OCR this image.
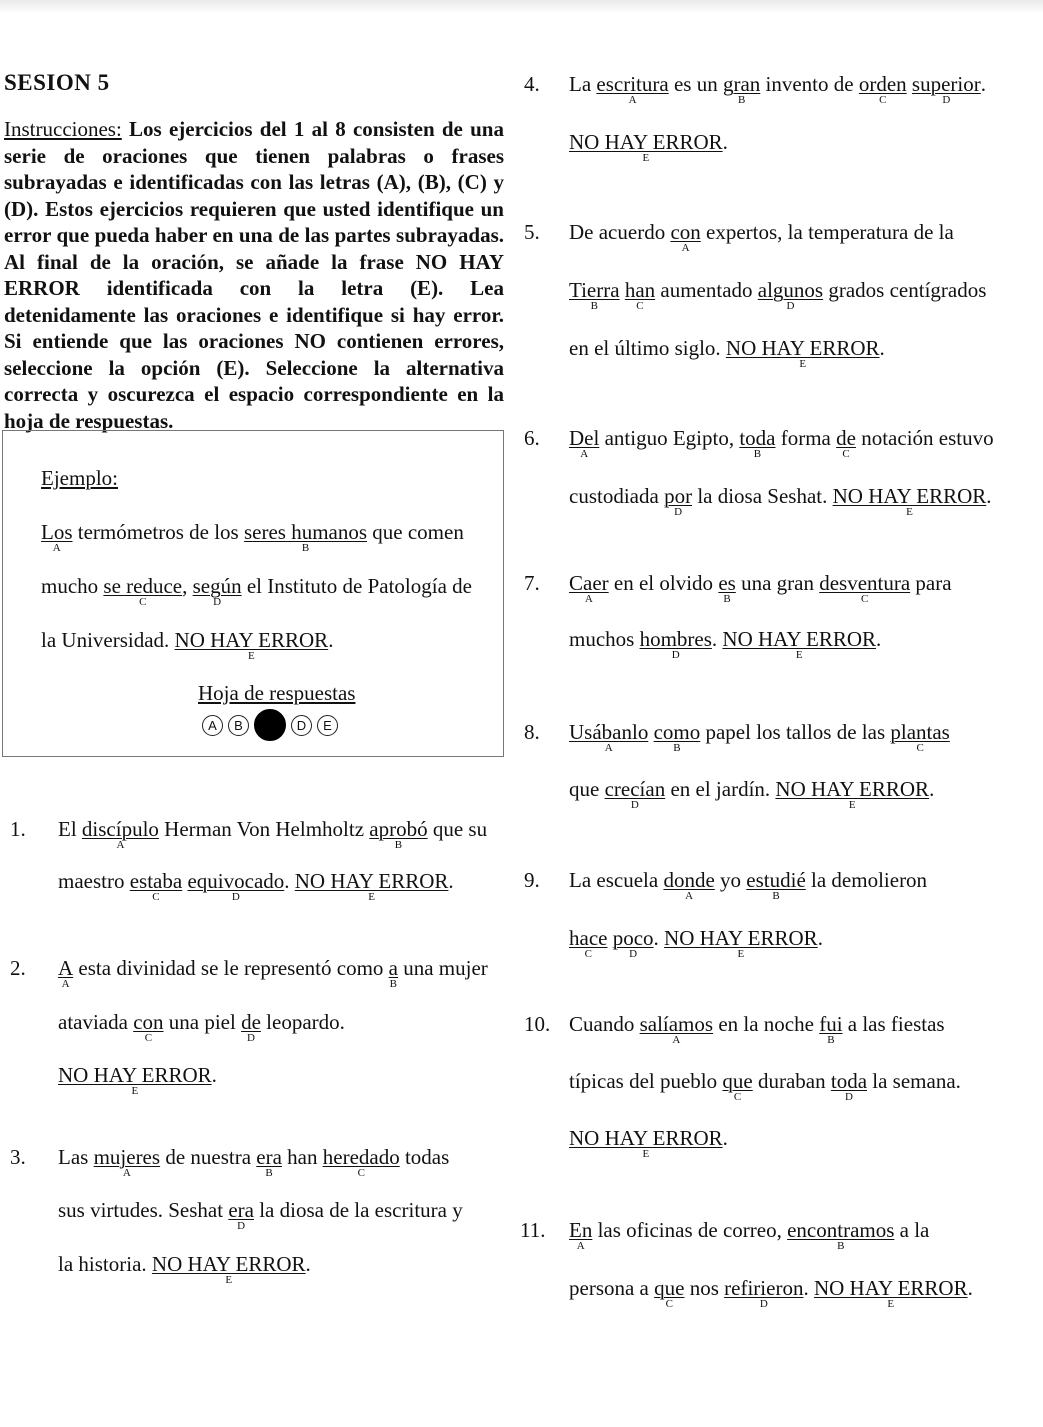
SESION 5
Instrucciones: Los ejercicios del 1 al 8 consisten de una serie de oraciones que tienen palabras o frases subrayadas e identificadas con las letras (A), (B), (C) y (D). Estos ejercicios requieren que usted identifique un error que pueda haber en una de las partes subrayadas. Al final de la oración, se añade la frase NO HAY ERROR identificada con la letra (E). Lea detenidamente las oraciones e identifique si hay error. Si entiende que las oraciones NO contienen errores, seleccione la opción (E). Seleccione la alternativa correcta y oscurezca el espacio correspondiente en la hoja de respuestas.
Ejemplo:
Los
A
termómetros de los seres humanos
B
que comen
mucho se reduce
C
, según
D
el Instituto de Patología de
la Universidad. NO HAY ERROR
E
.
Hoja de respuestas
A B	D E
1. El discípulo
A
Herman Von Helmholtz aprobó
B
que su
maestro estaba
C
equivocado
D
. NO HAY ERROR
E
.
2. A
A
esta divinidad se le representó como a
B
una mujer
ataviada con
C
una piel de
D
leopardo.
NO HAY ERROR
E
.
3. Las mujeres
A
de nuestra era
B
han heredado
C
todas
sus virtudes. Seshat era
D
la diosa de la escritura y
la historia. NO HAY ERROR
E
.
4. La escritura
A
es un gran
B
invento de orden
C
superior
D
.
NO HAY ERROR
E
.
5. De acuerdo con
A
expertos, la temperatura de la
Tierra
B
han
C
aumentado algunos
D
grados centígrados
en el último siglo. NO HAY ERROR
E
.
6. Del
A
antiguo Egipto, toda
B
forma de
C
notación estuvo
custodiada por
D
la diosa Seshat. NO HAY ERROR
E
.
7. Caer
A
en el olvido es
B
una gran desventura
C
para
muchos hombres
D
. NO HAY ERROR
E
.
8. Usábanlo
A
como
B
papel los tallos de las plantas
C
que crecían
D
en el jardín. NO HAY ERROR
E
.
9. La escuela donde
A
yo estudié
B
la demolieron
hace
C
poco
D
. NO HAY ERROR
E
.
10. Cuando salíamos
A
en la noche fui
B
a las fiestas
típicas del pueblo que
C
duraban toda
D
la semana.
NO HAY ERROR
E
.
11. En
A
las oficinas de correo, encontramos
B
a la
persona a que
C
nos refirieron
D
. NO HAY ERROR
E
.
